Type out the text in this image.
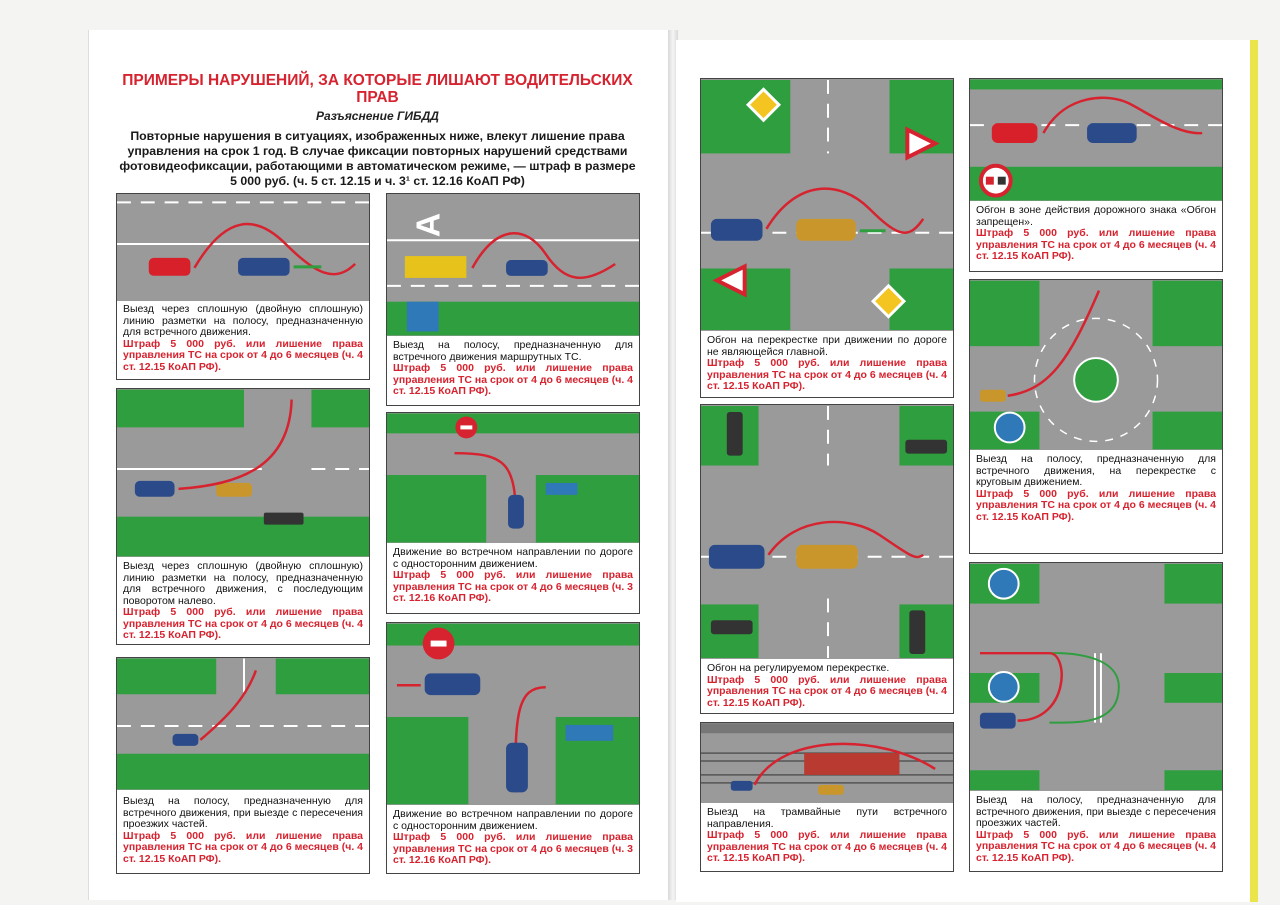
ПРИМЕРЫ НАРУШЕНИЙ, ЗА КОТОРЫЕ ЛИШАЮТ ВОДИТЕЛЬСКИХ ПРАВ
Разъяснение ГИБДД
Повторные нарушения в ситуациях, изображенных ниже, влекут лишение права управления на срок 1 год. В случае фиксации повторных нарушений средствами фотовидеофиксации, работающими в автоматическом режиме, — штраф в размере 5 000 руб. (ч. 5 ст. 12.15 и ч. 3¹ ст. 12.16 КоАП РФ)
Выезд через сплошную (двойную сплошную) линию разметки на полосу, предназначенную для встречного движения.
Штраф 5 000 руб. или лишение права управления ТС на срок от 4 до 6 месяцев (ч. 4 ст. 12.15 КоАП РФ).
А
Выезд на полосу, предназначенную для встречного движения маршрутных ТС.
Штраф 5 000 руб. или лишение права управления ТС на срок от 4 до 6 месяцев (ч. 4 ст. 12.15 КоАП РФ).
Выезд через сплошную (двойную сплошную) линию разметки на полосу, предназначенную для встречного движения, с последующим поворотом налево.
Штраф 5 000 руб. или лишение права управления ТС на срок от 4 до 6 месяцев (ч. 4 ст. 12.15 КоАП РФ).
Движение во встречном направлении по дороге с односторонним движением.
Штраф 5 000 руб. или лишение права управления ТС на срок от 4 до 6 месяцев (ч. 3 ст. 12.16 КоАП РФ).
Выезд на полосу, предназначенную для встречного движения, при выезде с пересечения проезжих частей.
Штраф 5 000 руб. или лишение права управления ТС на срок от 4 до 6 месяцев (ч. 4 ст. 12.15 КоАП РФ).
Движение во встречном направлении по дороге с односторонним движением.
Штраф 5 000 руб. или лишение права управления ТС на срок от 4 до 6 месяцев (ч. 3 ст. 12.16 КоАП РФ).
Обгон на перекрестке при движении по дороге не являющейся главной.
Штраф 5 000 руб. или лишение права управления ТС на срок от 4 до 6 месяцев (ч. 4 ст. 12.15 КоАП РФ).
Обгон в зоне действия дорожного знака «Обгон запрещен».
Штраф 5 000 руб. или лишение права управления ТС на срок от 4 до 6 месяцев (ч. 4 ст. 12.15 КоАП РФ).
Обгон на регулируемом перекрестке.
Штраф 5 000 руб. или лишение права управления ТС на срок от 4 до 6 месяцев (ч. 4 ст. 12.15 КоАП РФ).
Выезд на полосу, предназначенную для встречного движения, на перекрестке с круговым движением.
Штраф 5 000 руб. или лишение права управления ТС на срок от 4 до 6 месяцев (ч. 4 ст. 12.15 КоАП РФ).
Выезд на трамвайные пути встречного направления.
Штраф 5 000 руб. или лишение права управления ТС на срок от 4 до 6 месяцев (ч. 4 ст. 12.15 КоАП РФ).
Выезд на полосу, предназначенную для встречного движения, при выезде с пересечения проезжих частей.
Штраф 5 000 руб. или лишение права управления ТС на срок от 4 до 6 месяцев (ч. 4 ст. 12.15 КоАП РФ).
